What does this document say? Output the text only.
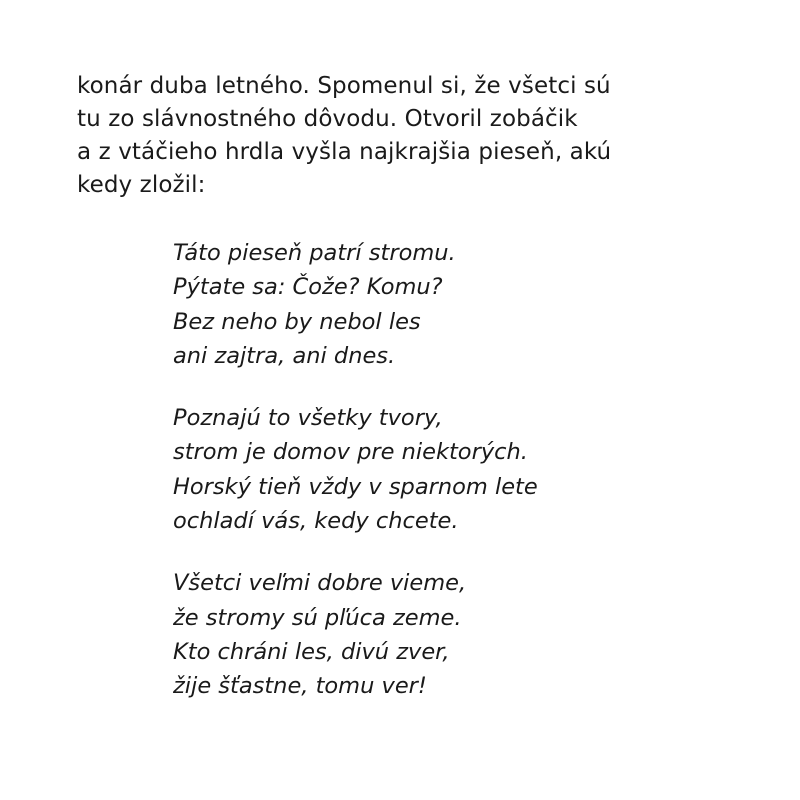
konár duba letného. Spomenul si, že všetci sú
tu zo slávnostného dôvodu. Otvoril zobáčik
a z vtáčieho hrdla vyšla najkrajšia pieseň, akú
kedy zložil:
Táto pieseň patrí stromu.
Pýtate sa: Čože? Komu?
Bez neho by nebol les
ani zajtra, ani dnes.
Poznajú to všetky tvory,
strom je domov pre niektorých.
Horský tieň vždy v sparnom lete
ochladí vás, kedy chcete.
Všetci veľmi dobre vieme,
že stromy sú pľúca zeme.
Kto chráni les, divú zver,
žije šťastne, tomu ver!
